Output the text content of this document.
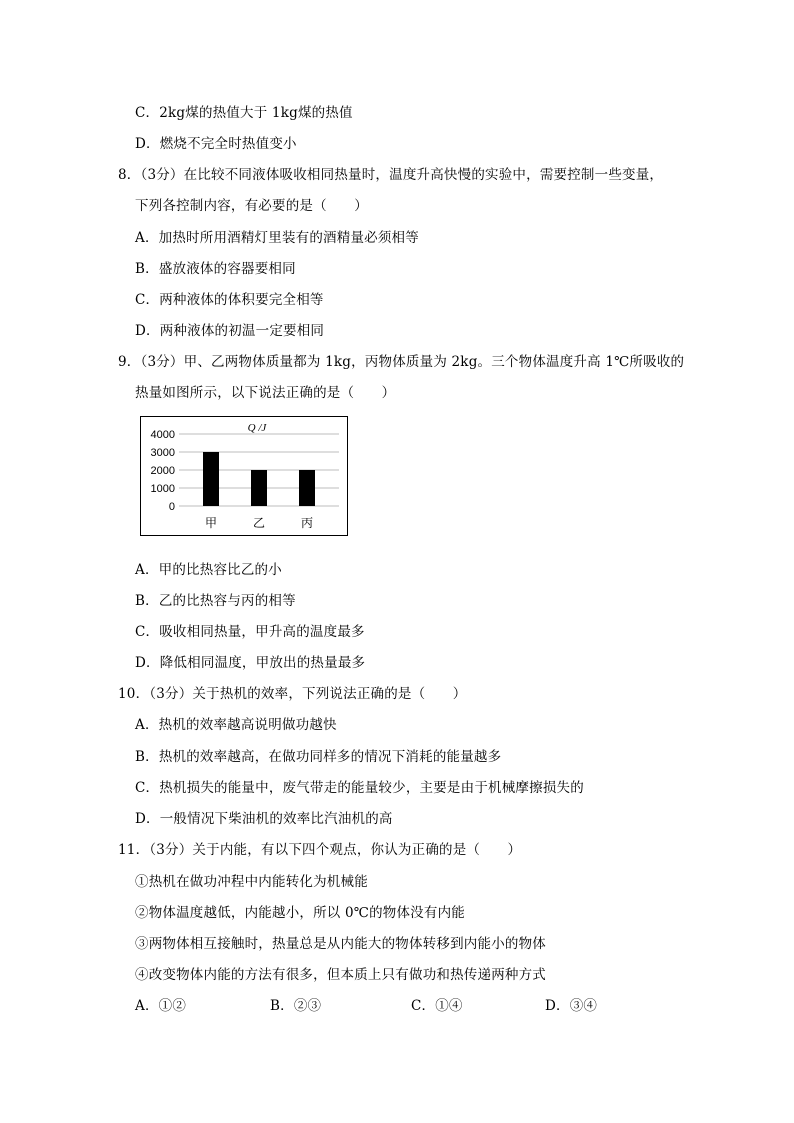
C．2kg煤的热值大于 1kg煤的热值
D．燃烧不完全时热值变小
8．（3分）在比较不同液体吸收相同热量时，温度升高快慢的实验中，需要控制一些变量，
下列各控制内容，有必要的是（　　）
A．加热时所用酒精灯里装有的酒精量必须相等
B．盛放液体的容器要相同
C．两种液体的体积要完全相等
D．两种液体的初温一定要相同
9．（3分）甲、乙两物体质量都为 1kg，丙物体质量为 2kg。三个物体温度升高 1℃所吸收的
热量如图所示，以下说法正确的是（　　）
Q /J
4000
3000
2000
1000
0
甲	乙	丙
A．甲的比热容比乙的小
B．乙的比热容与丙的相等
C．吸收相同热量，甲升高的温度最多
D．降低相同温度，甲放出的热量最多
10．（3分）关于热机的效率，下列说法正确的是（　　）
A．热机的效率越高说明做功越快
B．热机的效率越高，在做功同样多的情况下消耗的能量越多
C．热机损失的能量中，废气带走的能量较少，主要是由于机械摩擦损失的
D．一般情况下柴油机的效率比汽油机的高
11．（3分）关于内能，有以下四个观点，你认为正确的是（　　）
①热机在做功冲程中内能转化为机械能
②物体温度越低，内能越小，所以 0℃的物体没有内能
③两物体相互接触时，热量总是从内能大的物体转移到内能小的物体
④改变物体内能的方法有很多，但本质上只有做功和热传递两种方式
A．①②	B．②③	C．①④	D．③④
